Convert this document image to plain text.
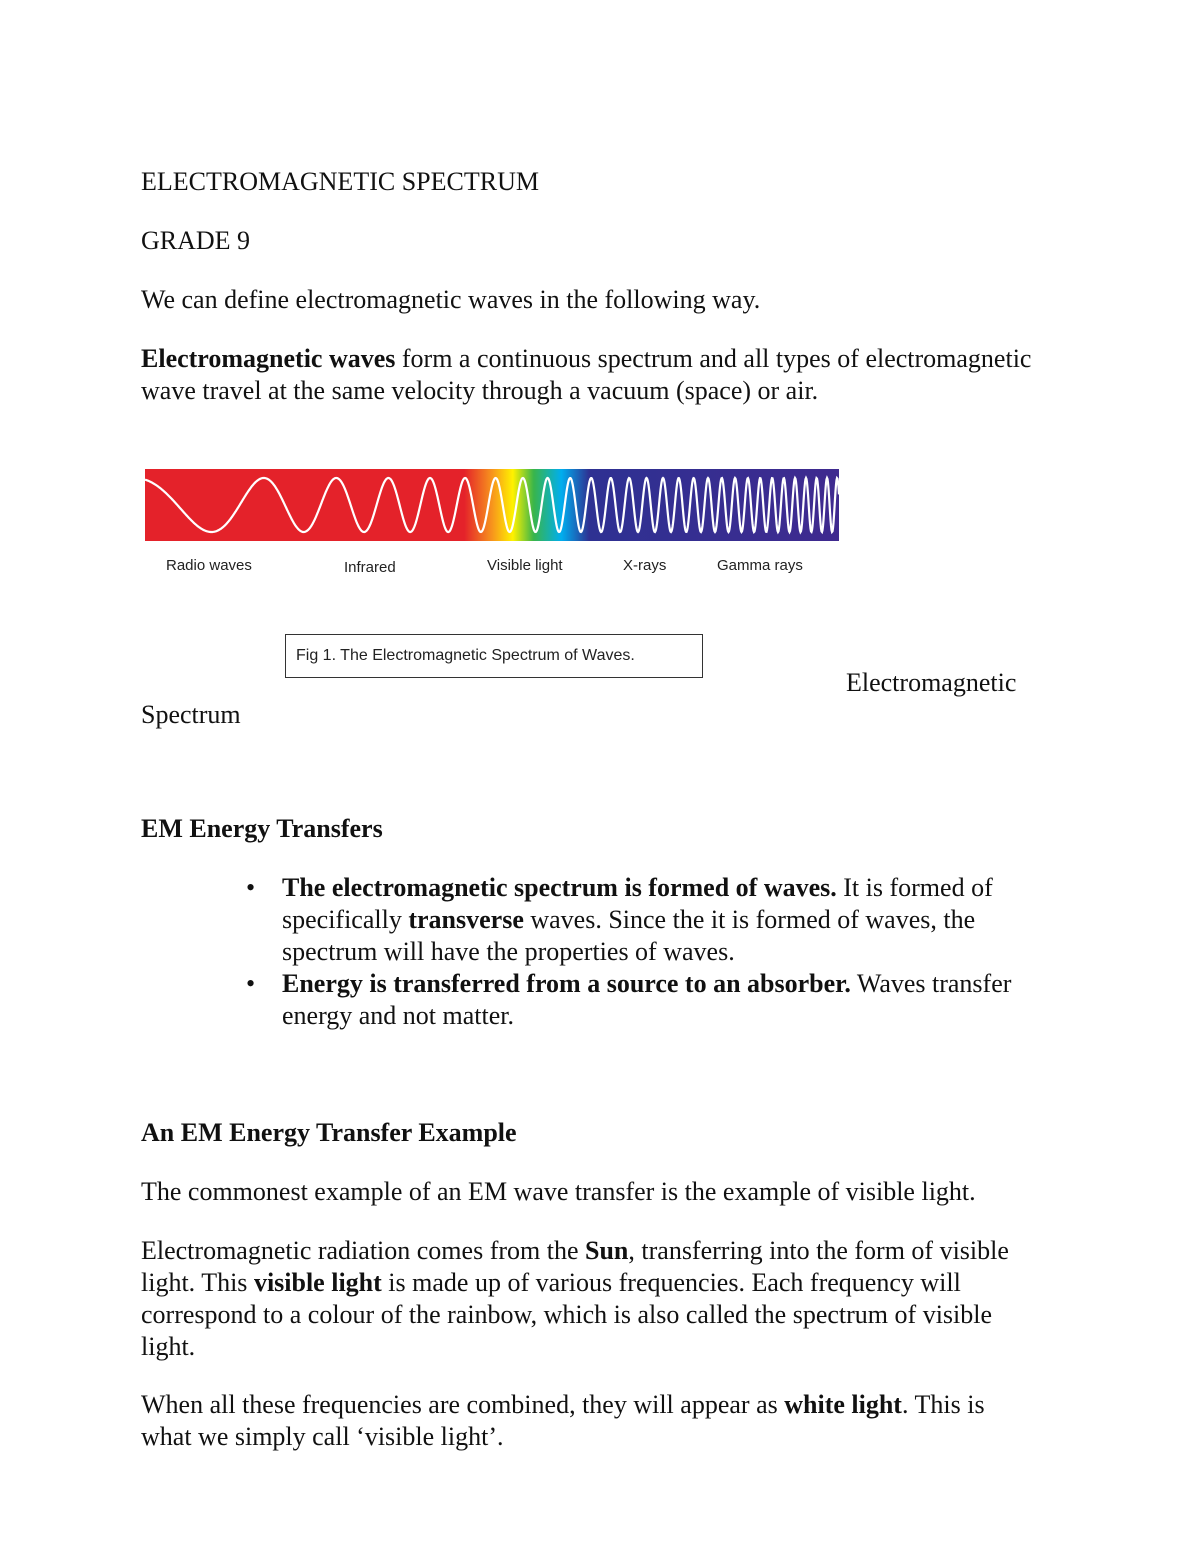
ELECTROMAGNETIC SPECTRUM

GRADE 9

We can define electromagnetic waves in the following way.

Electromagnetic waves form a continuous spectrum and all types of electromagnetic wave travel at the same velocity through a vacuum (space) or air.

Radio waves	Infrared	Visible light	X-rays	Gamma rays
Fig 1. The Electromagnetic Spectrum of Waves.

Electromagnetic

Spectrum

EM Energy Transfers

• The electromagnetic spectrum is formed of waves. It is formed of specifically transverse waves. Since the it is formed of waves, the spectrum will have the properties of waves.
• Energy is transferred from a source to an absorber. Waves transfer energy and not matter.

An EM Energy Transfer Example

The commonest example of an EM wave transfer is the example of visible light.

Electromagnetic radiation comes from the Sun, transferring into the form of visible light. This visible light is made up of various frequencies. Each frequency will correspond to a colour of the rainbow, which is also called the spectrum of visible light.

When all these frequencies are combined, they will appear as white light. This is what we simply call ‘visible light’.
